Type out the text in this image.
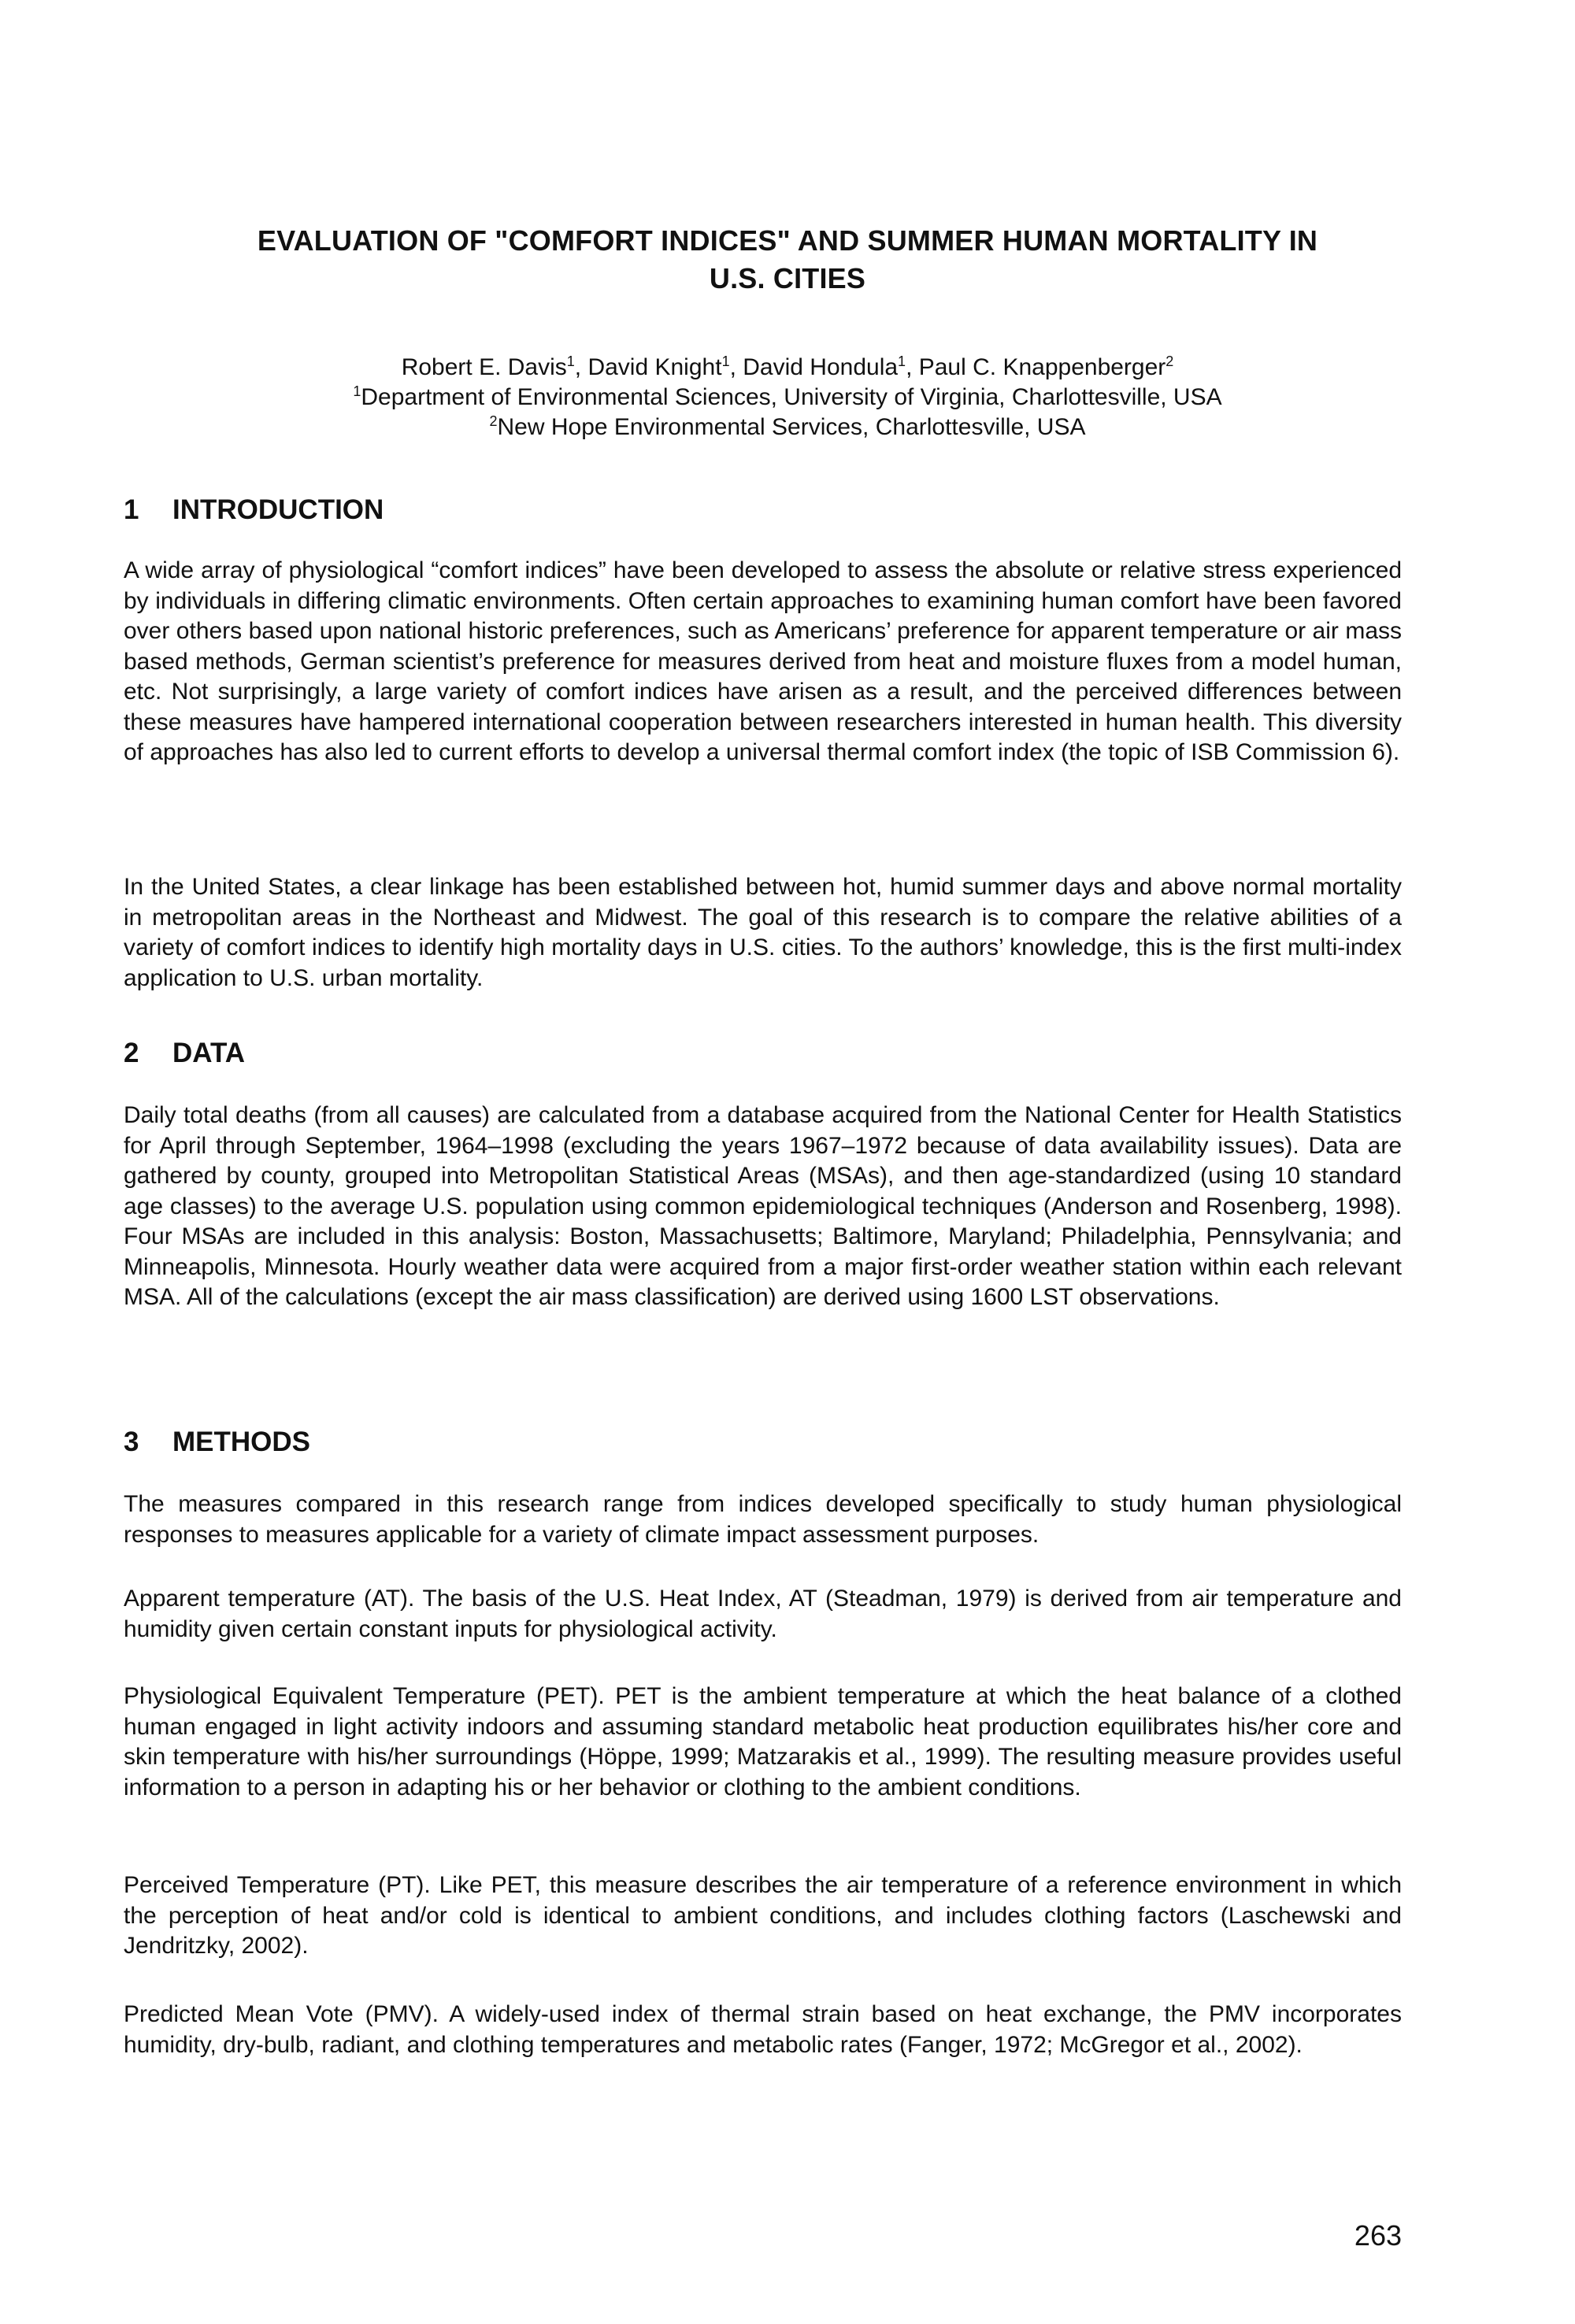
EVALUATION OF "COMFORT INDICES" AND SUMMER HUMAN MORTALITY IN
U.S. CITIES
Robert E. Davis$^1$, David Knight$^1$, David Hondula$^1$, Paul C. Knappenberger$^2$
$^1$Department of Environmental Sciences, University of Virginia, Charlottesville, USA
$^2$New Hope Environmental Services, Charlottesville, USA
1 INTRODUCTION
A wide array of physiological “comfort indices” have been developed to assess the absolute or relative stress experienced by individuals in differing climatic environments. Often certain approaches to examining human comfort have been favored over others based upon national historic preferences, such as Americans’ preference for apparent temperature or air mass based methods, German scientist’s preference for measures derived from heat and moisture fluxes from a model human, etc. Not surprisingly, a large variety of comfort indices have arisen as a result, and the perceived differences between these measures have hampered international cooperation between researchers interested in human health. This diversity of approaches has also led to current efforts to develop a universal thermal comfort index (the topic of ISB Commission 6).
In the United States, a clear linkage has been established between hot, humid summer days and above normal mortality in metropolitan areas in the Northeast and Midwest. The goal of this research is to compare the relative abilities of a variety of comfort indices to identify high mortality days in U.S. cities. To the authors’ knowledge, this is the first multi-index application to U.S. urban mortality.
2 DATA
Daily total deaths (from all causes) are calculated from a database acquired from the National Center for Health Statistics for April through September, 1964–1998 (excluding the years 1967–1972 because of data availability issues). Data are gathered by county, grouped into Metropolitan Statistical Areas (MSAs), and then age-standardized (using 10 standard age classes) to the average U.S. population using common epidemiological techniques (Anderson and Rosenberg, 1998). Four MSAs are included in this analysis: Boston, Massachusetts; Baltimore, Maryland; Philadelphia, Pennsylvania; and Minneapolis, Minnesota. Hourly weather data were acquired from a major first-order weather station within each relevant MSA. All of the calculations (except the air mass classification) are derived using 1600 LST observations.
3 METHODS
The measures compared in this research range from indices developed specifically to study human physiological responses to measures applicable for a variety of climate impact assessment purposes.
Apparent temperature (AT). The basis of the U.S. Heat Index, AT (Steadman, 1979) is derived from air temperature and humidity given certain constant inputs for physiological activity.
Physiological Equivalent Temperature (PET). PET is the ambient temperature at which the heat balance of a clothed human engaged in light activity indoors and assuming standard metabolic heat production equilibrates his/her core and skin temperature with his/her surroundings (Höppe, 1999; Matzarakis et al., 1999). The resulting measure provides useful information to a person in adapting his or her behavior or clothing to the ambient conditions.
Perceived Temperature (PT). Like PET, this measure describes the air temperature of a reference environment in which the perception of heat and/or cold is identical to ambient conditions, and includes clothing factors (Laschewski and Jendritzky, 2002).
Predicted Mean Vote (PMV). A widely-used index of thermal strain based on heat exchange, the PMV incorporates humidity, dry-bulb, radiant, and clothing temperatures and metabolic rates (Fanger, 1972; McGregor et al., 2002).
263
